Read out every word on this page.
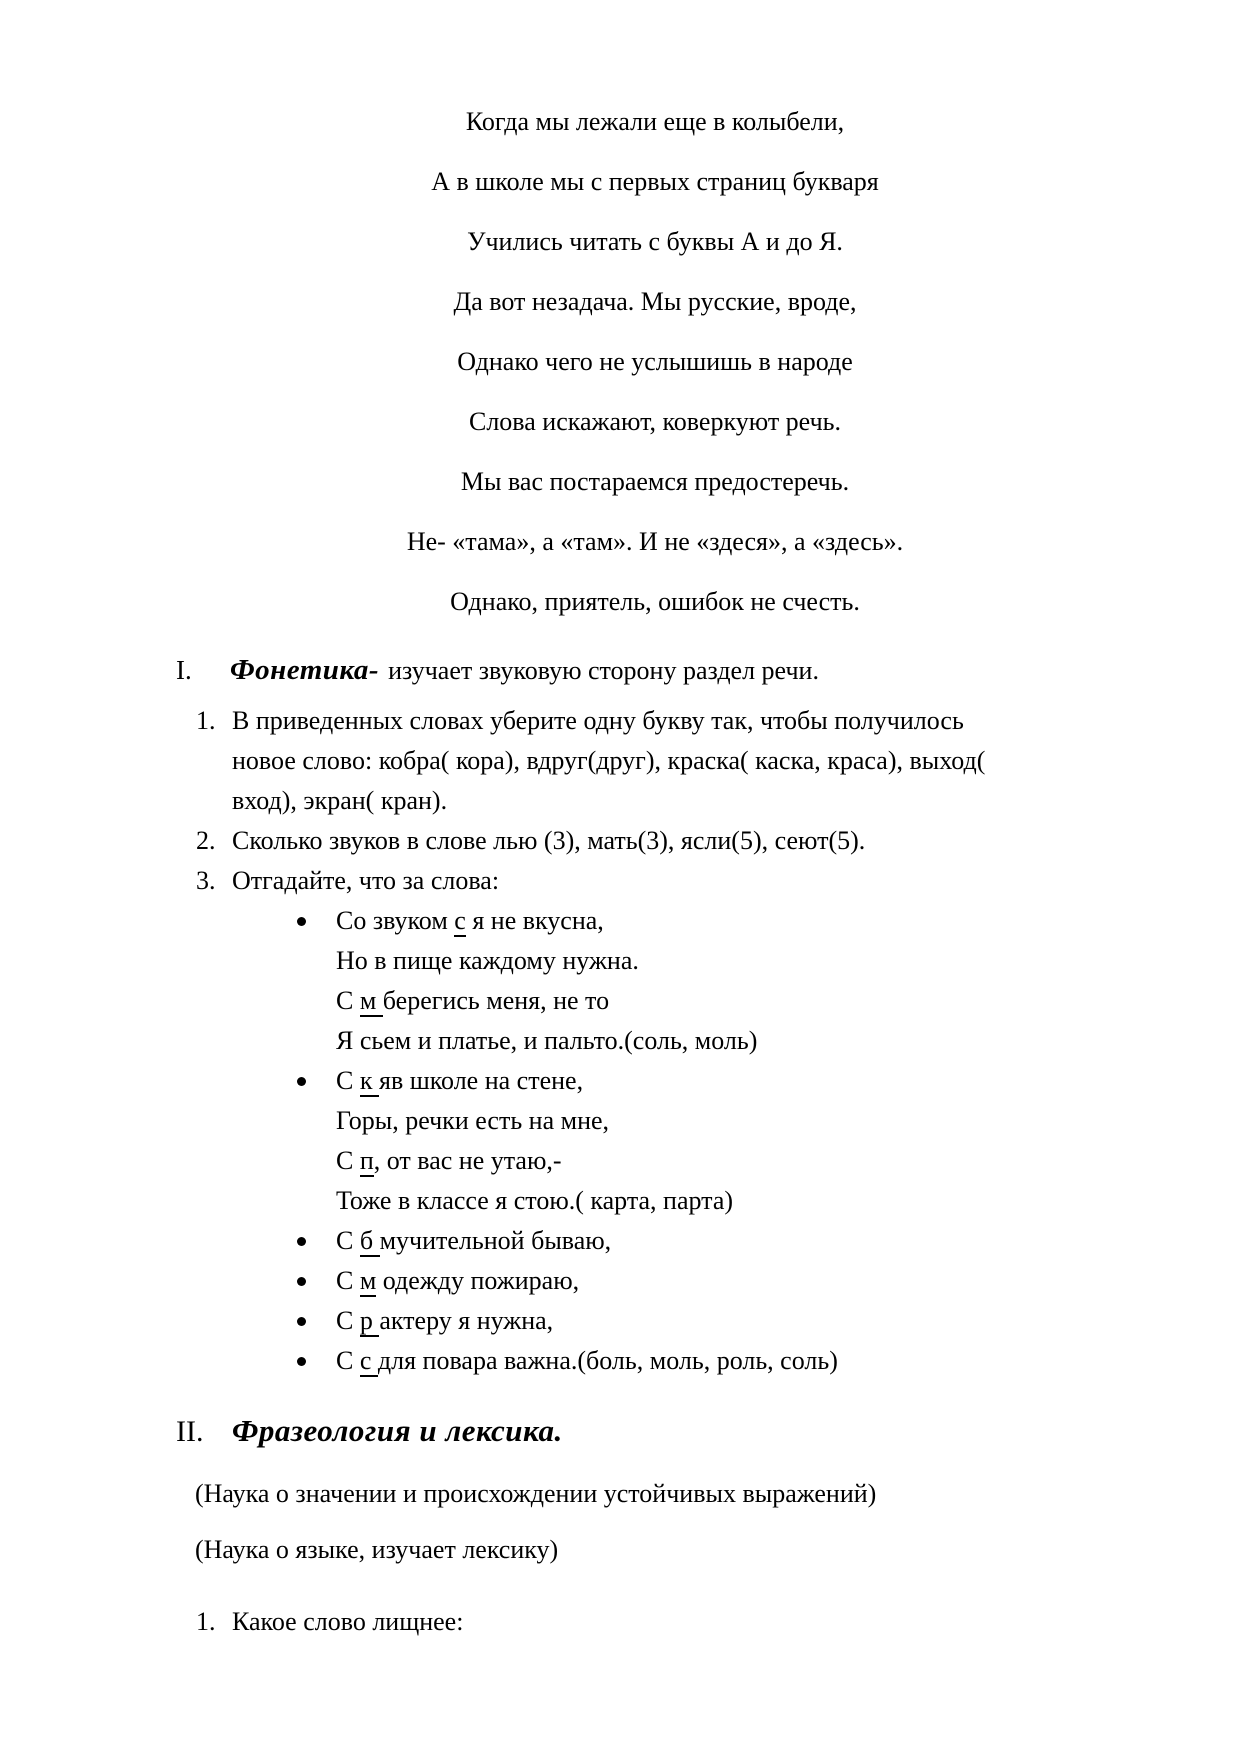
Когда мы лежали еще в колыбели,

А в школе мы с первых страниц букваря

Учились читать с буквы А и до Я.

Да вот незадача. Мы русские, вроде,

Однако чего не услышишь в народе

Слова искажают, коверкуют речь.

Мы вас постараемся предостеречь.

Не- «тама», а «там». И не «здеся», а «здесь».

Однако, приятель, ошибок не счесть.

I. Фонетика- изучает звуковую сторону раздел речи.
1. В приведенных словах уберите одну букву так, чтобы получилось
новое слово: кобра( кора), вдруг(друг), краска( каска, краса), выход(
вход), экран( кран).
2. Сколько звуков в слове лью (3), мать(3), ясли(5), сеют(5).
3. Отгадайте, что за слова:
Со звуком с я не вкусна,
Но в пище каждому нужна.
С м берегись меня, не то
Я сьем и платье, и пальто.(соль, моль)
С к яв школе на стене,
Горы, речки есть на мне,
С п, от вас не утаю,-
Тоже в классе я стою.( карта, парта)
С б мучительной бываю,
С м одежду пожираю,
С р актеру я нужна,
С с для повара важна.(боль, моль, роль, соль)
II. Фразеология и лексика.
(Наука о значении и происхождении устойчивых выражений)
(Наука о языке, изучает лексику)
1. Какое слово лищнее:
